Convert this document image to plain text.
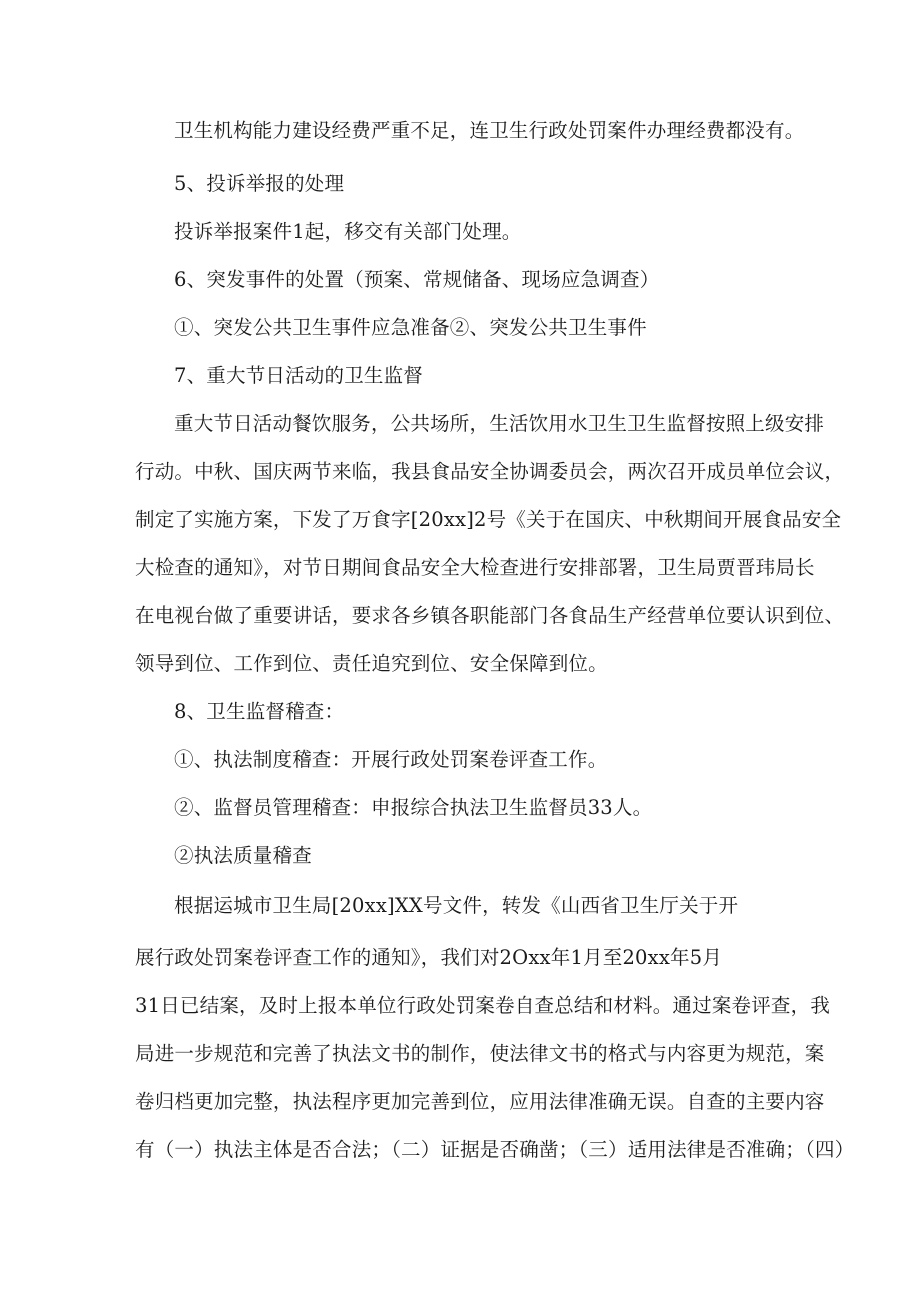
卫生机构能力建设经费严重不足，连卫生行政处罚案件办理经费都没有。
5、投诉举报的处理
投诉举报案件1起，移交有关部门处理。
6、突发事件的处置（预案、常规储备、现场应急调查）
①、突发公共卫生事件应急准备②、突发公共卫生事件
7、重大节日活动的卫生监督
重大节日活动餐饮服务，公共场所，生活饮用水卫生卫生监督按照上级安排
行动。中秋、国庆两节来临，我县食品安全协调委员会，两次召开成员单位会议，
制定了实施方案，下发了万食字[20xx]2号《关于在国庆、中秋期间开展食品安全
大检查的通知》，对节日期间食品安全大检查进行安排部署，卫生局贾晋玮局长
在电视台做了重要讲话，要求各乡镇各职能部门各食品生产经营单位要认识到位、
领导到位、工作到位、责任追究到位、安全保障到位。
8、卫生监督稽查：
①、执法制度稽查：开展行政处罚案卷评查工作。
②、监督员管理稽查：申报综合执法卫生监督员33人。
②执法质量稽查
根据运城市卫生局[20xx]XX号文件，转发《山西省卫生厅关于开
展行政处罚案卷评查工作的通知》，我们对2Oxx年1月至20xx年5月
31日已结案，及时上报本单位行政处罚案卷自查总结和材料。通过案卷评查，我
局进一步规范和完善了执法文书的制作，使法律文书的格式与内容更为规范，案
卷归档更加完整，执法程序更加完善到位，应用法律准确无误。自查的主要内容
有（一）执法主体是否合法；（二）证据是否确凿；（三）适用法律是否准确；（四）
